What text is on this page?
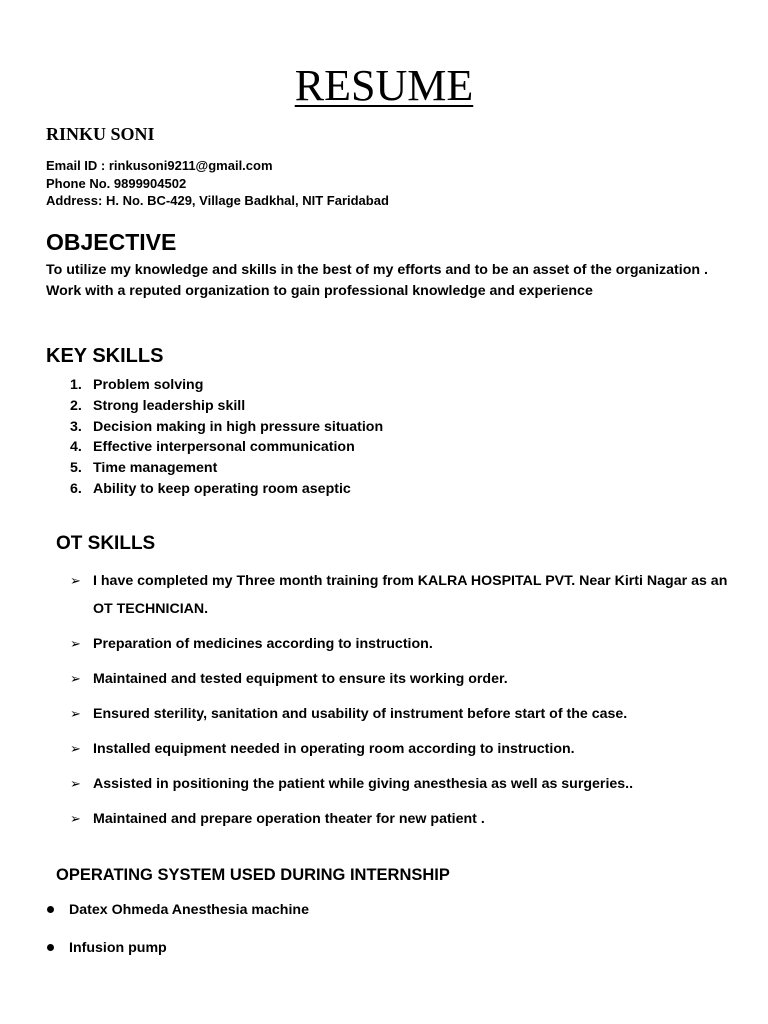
RESUME
RINKU SONI
Email ID : rinkusoni9211@gmail.com
Phone No. 9899904502
Address: H. No. BC-429, Village Badkhal, NIT Faridabad
OBJECTIVE
To utilize my knowledge and skills in the best of my efforts and to be an asset of the organization . Work with a reputed organization to gain professional knowledge and experience
KEY SKILLS
1. Problem solving
2. Strong leadership skill
3. Decision making in high pressure situation
4. Effective interpersonal communication
5. Time management
6. Ability to keep operating room aseptic
OT SKILLS
➢ I have completed my Three month training from KALRA HOSPITAL PVT. Near Kirti Nagar as an OT TECHNICIAN.
➢ Preparation of medicines according to instruction.
➢ Maintained and tested equipment to ensure its working order.
➢ Ensured sterility, sanitation and usability of instrument before start of the case.
➢ Installed equipment needed in operating room according to instruction.
➢ Assisted in positioning the patient while giving anesthesia as well as surgeries..
➢ Maintained and prepare operation theater for new patient .
OPERATING SYSTEM USED DURING INTERNSHIP
Datex Ohmeda Anesthesia machine
Infusion pump
